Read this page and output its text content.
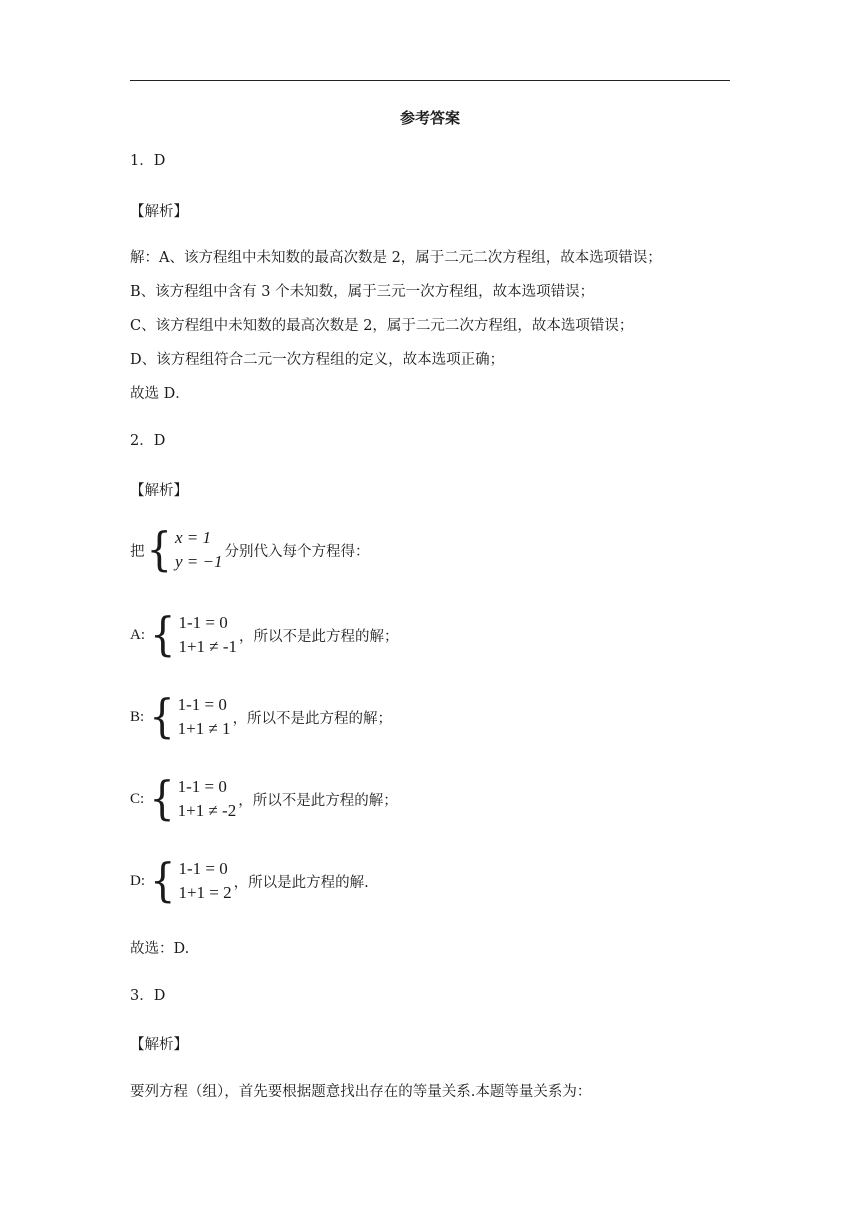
参考答案
1．D
【解析】
解：A、该方程组中未知数的最高次数是 2，属于二元二次方程组，故本选项错误；
B、该方程组中含有 3 个未知数，属于三元一次方程组，故本选项错误；
C、该方程组中未知数的最高次数是 2，属于二元二次方程组，故本选项错误；
D、该方程组符合二元一次方程组的定义，故本选项正确；
故选 D．
2．D
【解析】
把 { x = 1
y = −1
分别代入每个方程得：
A: { 1-1 = 0
1+1 ≠ -1
，所以不是此方程的解；
B: { 1-1 = 0
1+1 ≠ 1
，所以不是此方程的解；
C: { 1-1 = 0
1+1 ≠ -2
，所以不是此方程的解；
D: { 1-1 = 0
1+1 = 2
，所以是此方程的解.
故选：D.
3．D
【解析】
要列方程（组），首先要根据题意找出存在的等量关系.本题等量关系为：
